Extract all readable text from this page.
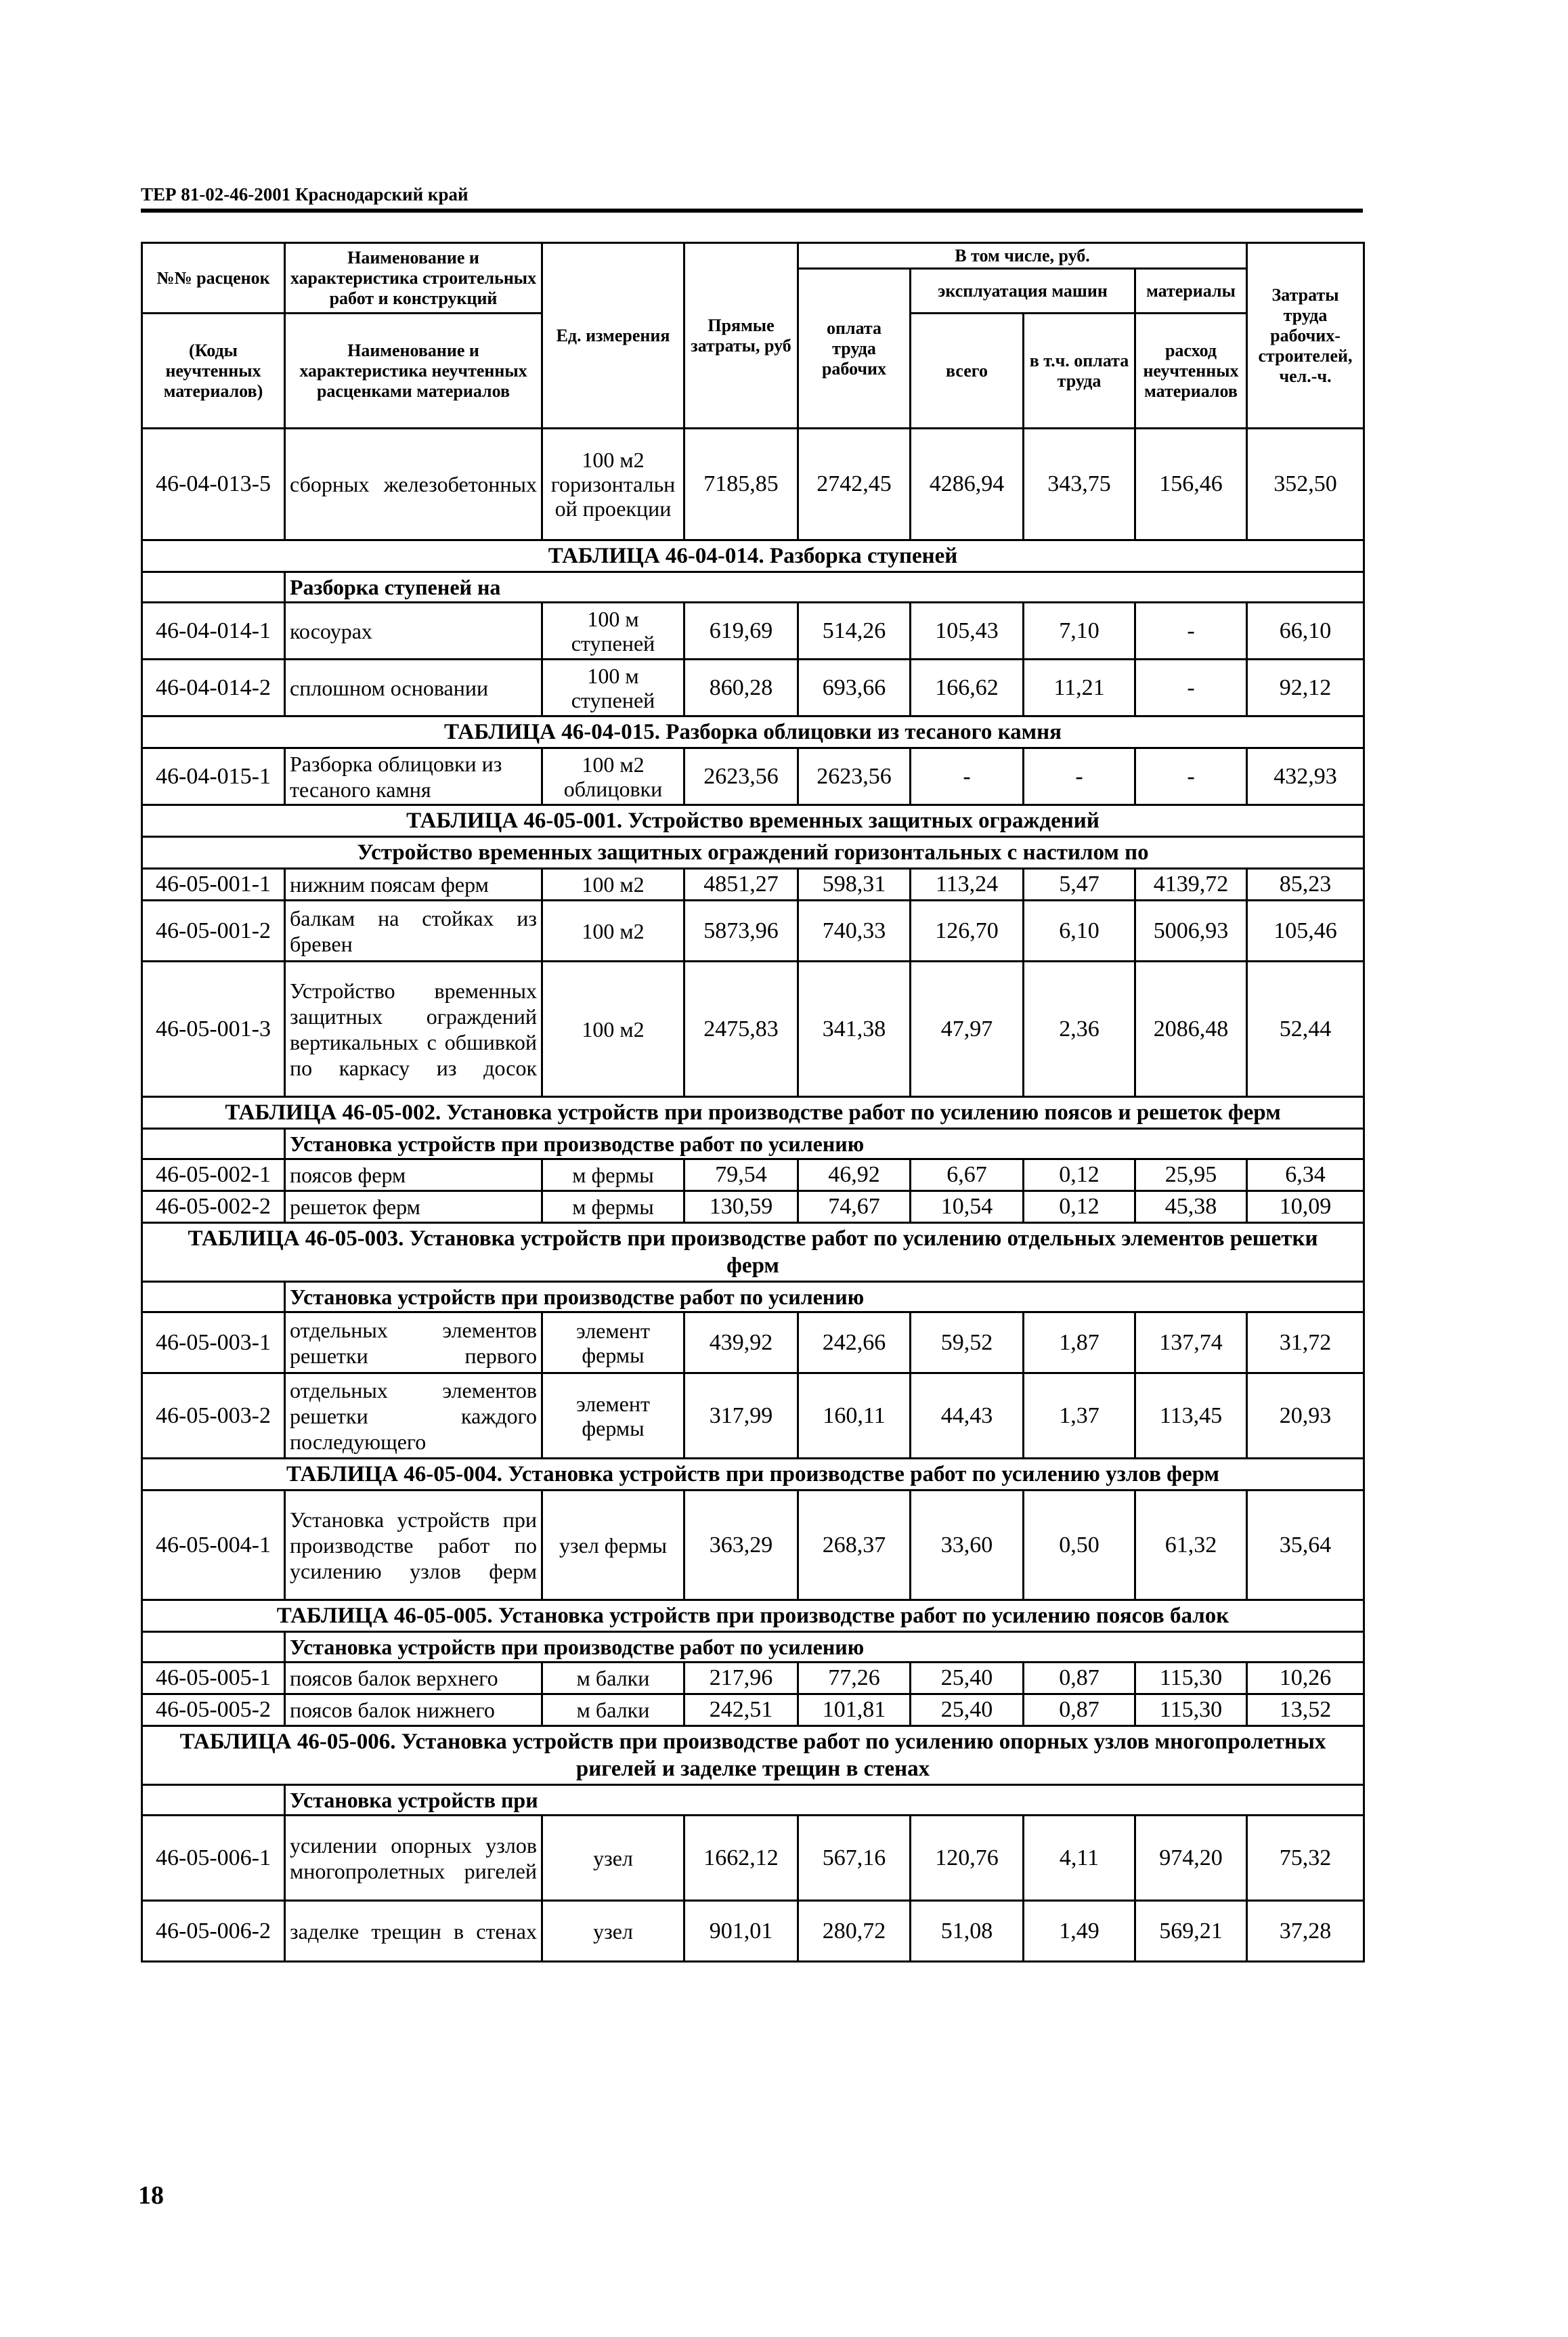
ТЕР 81-02-46-2001 Краснодарский край
№№ расценок	Наименование и характеристика строительных работ и конструкций	Ед. измерения	Прямые затраты, руб	В том числе, руб.				Затраты труда рабочих-строителей, чел.-ч.
				оплата труда рабочих	эксплуатация машин		материалы	
(Коды неучтенных материалов)	Наименование и характеристика неучтенных расценками материалов				всего	в т.ч. оплата труда	расход неучтенных материалов	

46-04-013-5	сборных железобетонных	100 м2 горизонтальной проекции	7185,85	2742,45	4286,94	343,75	156,46	352,50
ТАБЛИЦА 46-04-014. Разборка ступеней								
	Разборка ступеней на							
46-04-014-1	косоурах	100 м ступеней	619,69	514,26	105,43	7,10	-	66,10
46-04-014-2	сплошном основании	100 м ступеней	860,28	693,66	166,62	11,21	-	92,12
ТАБЛИЦА 46-04-015. Разборка облицовки из тесаного камня								
46-04-015-1	Разборка облицовки из тесаного камня	100 м2 облицовки	2623,56	2623,56	-	-	-	432,93
ТАБЛИЦА 46-05-001. Устройство временных защитных ограждений								
Устройство временных защитных ограждений горизонтальных с настилом по								
46-05-001-1	нижним поясам ферм	100 м2	4851,27	598,31	113,24	5,47	4139,72	85,23
46-05-001-2	балкам на стойках из бревен	100 м2	5873,96	740,33	126,70	6,10	5006,93	105,46
46-05-001-3	Устройство временных защитных ограждений вертикальных с обшивкой по каркасу из досок	100 м2	2475,83	341,38	47,97	2,36	2086,48	52,44
ТАБЛИЦА 46-05-002. Установка устройств при производстве работ по усилению поясов и решеток ферм								
	Установка устройств при производстве работ по усилению							
46-05-002-1	поясов ферм	м фермы	79,54	46,92	6,67	0,12	25,95	6,34
46-05-002-2	решеток ферм	м фермы	130,59	74,67	10,54	0,12	45,38	10,09
ТАБЛИЦА 46-05-003. Установка устройств при производстве работ по усилению отдельных элементов решетки ферм								
	Установка устройств при производстве работ по усилению							
46-05-003-1	отдельных элементов решетки первого	элемент фермы	439,92	242,66	59,52	1,87	137,74	31,72
46-05-003-2	отдельных элементов решетки каждого последующего	элемент фермы	317,99	160,11	44,43	1,37	113,45	20,93
ТАБЛИЦА 46-05-004. Установка устройств при производстве работ по усилению узлов ферм								
46-05-004-1	Установка устройств при производстве работ по усилению узлов ферм	узел фермы	363,29	268,37	33,60	0,50	61,32	35,64
ТАБЛИЦА 46-05-005. Установка устройств при производстве работ по усилению поясов балок								
	Установка устройств при производстве работ по усилению							
46-05-005-1	поясов балок верхнего	м балки	217,96	77,26	25,40	0,87	115,30	10,26
46-05-005-2	поясов балок нижнего	м балки	242,51	101,81	25,40	0,87	115,30	13,52
ТАБЛИЦА 46-05-006. Установка устройств при производстве работ по усилению опорных узлов многопролетных ригелей и заделке трещин в стенах								
	Установка устройств при							
46-05-006-1	усилении опорных узлов многопролетных ригелей	узел	1662,12	567,16	120,76	4,11	974,20	75,32
46-05-006-2	заделке трещин в стенах	узел	901,01	280,72	51,08	1,49	569,21	37,28
18
